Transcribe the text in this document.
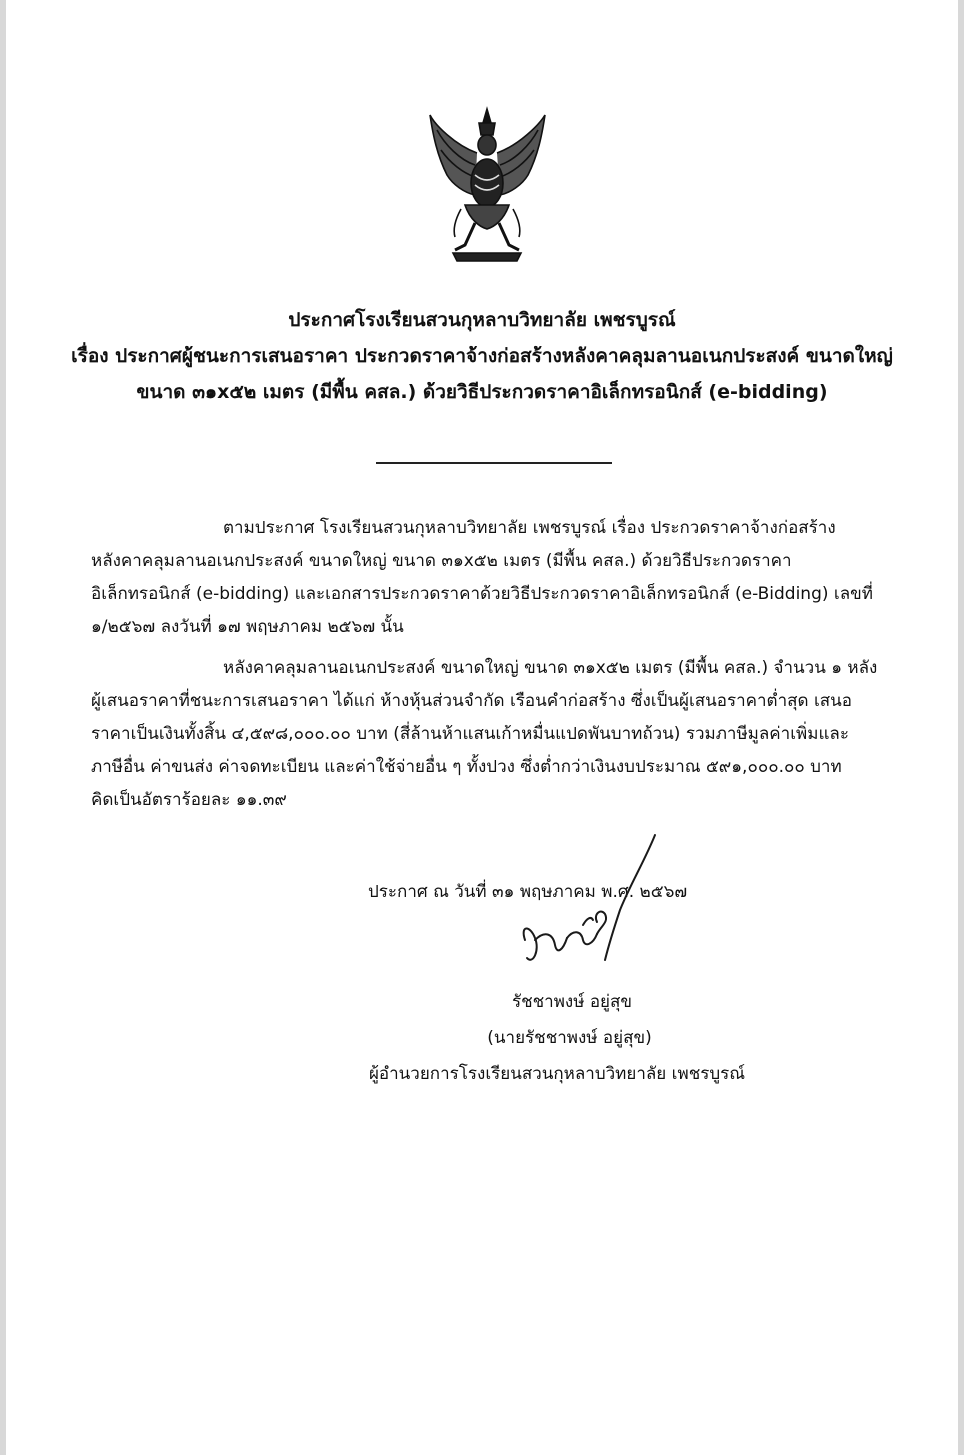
ประกาศโรงเรียนสวนกุหลาบวิทยาลัย เพชรบูรณ์
เรื่อง ประกาศผู้ชนะการเสนอราคา ประกวดราคาจ้างก่อสร้างหลังคาคลุมลานอเนกประสงค์ ขนาดใหญ่
ขนาด ๓๑x๕๒ เมตร (มีพื้น คสล.) ด้วยวิธีประกวดราคาอิเล็กทรอนิกส์ (e-bidding)
ตามประกาศ โรงเรียนสวนกุหลาบวิทยาลัย เพชรบูรณ์ เรื่อง ประกวดราคาจ้างก่อสร้าง
หลังคาคลุมลานอเนกประสงค์ ขนาดใหญ่ ขนาด ๓๑x๕๒ เมตร (มีพื้น คสล.) ด้วยวิธีประกวดราคา
อิเล็กทรอนิกส์ (e-bidding) และเอกสารประกวดราคาด้วยวิธีประกวดราคาอิเล็กทรอนิกส์ (e-Bidding) เลขที่
๑/๒๕๖๗ ลงวันที่ ๑๗ พฤษภาคม ๒๕๖๗ นั้น
หลังคาคลุมลานอเนกประสงค์ ขนาดใหญ่ ขนาด ๓๑x๕๒ เมตร (มีพื้น คสล.) จำนวน ๑ หลัง
ผู้เสนอราคาที่ชนะการเสนอราคา ได้แก่ ห้างหุ้นส่วนจำกัด เรือนคำก่อสร้าง ซึ่งเป็นผู้เสนอราคาต่ำสุด เสนอ
ราคาเป็นเงินทั้งสิ้น ๔,๕๙๘,๐๐๐.๐๐ บาท (สี่ล้านห้าแสนเก้าหมื่นแปดพันบาทถ้วน) รวมภาษีมูลค่าเพิ่มและ
ภาษีอื่น ค่าขนส่ง ค่าจดทะเบียน และค่าใช้จ่ายอื่น ๆ ทั้งปวง ซึ่งต่ำกว่าเงินงบประมาณ ๕๙๑,๐๐๐.๐๐ บาท
คิดเป็นอัตราร้อยละ ๑๑.๓๙
ประกาศ ณ วันที่ ๓๑ พฤษภาคม พ.ศ. ๒๕๖๗
รัชชาพงษ์ อยู่สุข
(นายรัชชาพงษ์ อยู่สุข)
ผู้อำนวยการโรงเรียนสวนกุหลาบวิทยาลัย เพชรบูรณ์
